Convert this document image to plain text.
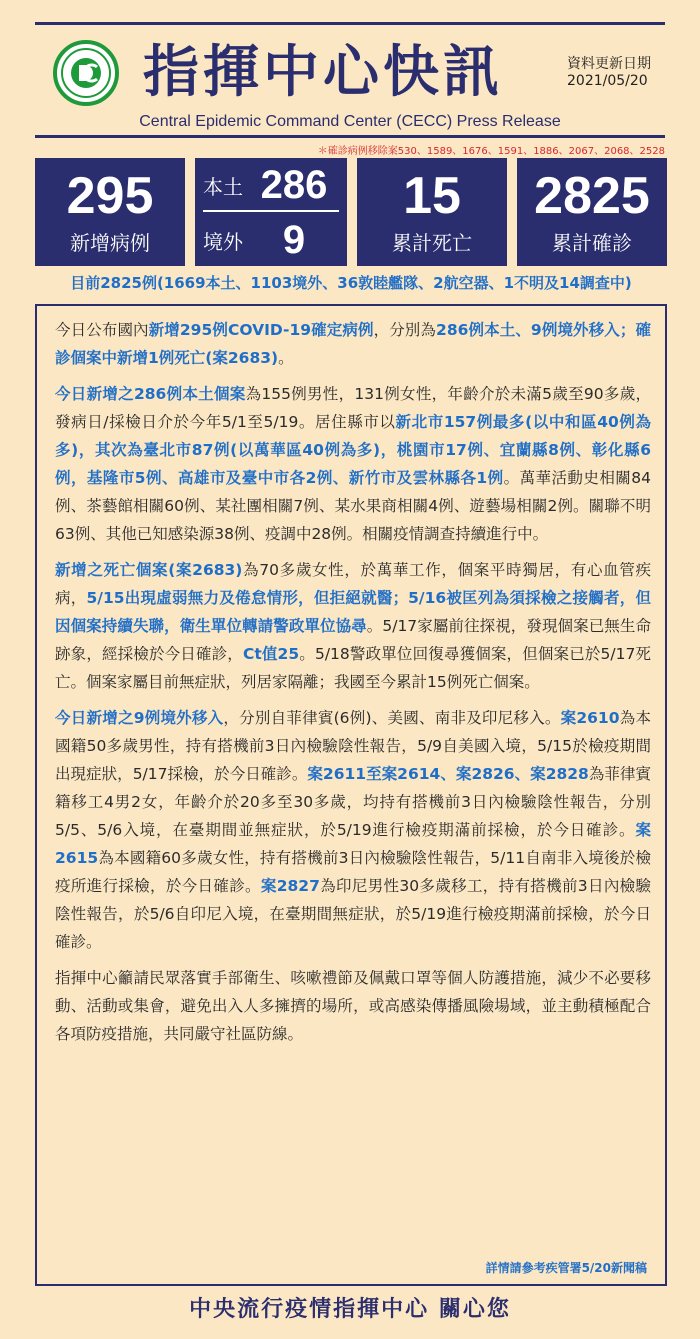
指揮中心快訊	資料更新日期
2021/05/20
Central Epidemic Command Center (CECC) Press Release
＊確診病例移除案530、1589、1676、1591、1886、2067、2068、2528
295
新增病例
本土 286
境外 9
15
累計死亡
2825
累計確診
目前2825例(1669本土、1103境外、36敦睦艦隊、2航空器、1不明及14調查中)

今日公布國內新增295例COVID-19確定病例，分別為286例本土、9例境外移入；確診個案中新增1例死亡(案2683)。

今日新增之286例本土個案為155例男性，131例女性，年齡介於未滿5歲至90多歲，發病日/採檢日介於今年5/1至5/19。居住縣市以新北市157例最多(以中和區40例為多)，其次為臺北市87例(以萬華區40例為多)，桃園市17例、宜蘭縣8例、彰化縣6例，基隆市5例、高雄市及臺中市各2例、新竹市及雲林縣各1例。萬華活動史相關84例、茶藝館相關60例、某社團相關7例、某水果商相關4例、遊藝場相關2例。關聯不明63例、其他已知感染源38例、疫調中28例。相關疫情調查持續進行中。

新增之死亡個案(案2683)為70多歲女性，於萬華工作，個案平時獨居，有心血管疾病，5/15出現虛弱無力及倦怠情形，但拒絕就醫；5/16被匡列為須採檢之接觸者，但因個案持續失聯，衛生單位轉請警政單位協尋。5/17家屬前往探視，發現個案已無生命跡象，經採檢於今日確診，Ct值25。5/18警政單位回復尋獲個案，但個案已於5/17死亡。個案家屬目前無症狀，列居家隔離；我國至今累計15例死亡個案。

今日新增之9例境外移入，分別自菲律賓(6例)、美國、南非及印尼移入。案2610為本國籍50多歲男性，持有搭機前3日內檢驗陰性報告，5/9自美國入境，5/15於檢疫期間出現症狀，5/17採檢，於今日確診。案2611至案2614、案2826、案2828為菲律賓籍移工4男2女，年齡介於20多至30多歲，均持有搭機前3日內檢驗陰性報告，分別5/5、5/6入境，在臺期間並無症狀，於5/19進行檢疫期滿前採檢，於今日確診。案2615為本國籍60多歲女性，持有搭機前3日內檢驗陰性報告，5/11自南非入境後於檢疫所進行採檢，於今日確診。案2827為印尼男性30多歲移工，持有搭機前3日內檢驗陰性報告，於5/6自印尼入境，在臺期間無症狀，於5/19進行檢疫期滿前採檢，於今日確診。

指揮中心籲請民眾落實手部衛生、咳嗽禮節及佩戴口罩等個人防護措施，減少不必要移動、活動或集會，避免出入人多擁擠的場所，或高感染傳播風險場域，並主動積極配合各項防疫措施，共同嚴守社區防線。

詳情請參考疾管署5/20新聞稿
中央流行疫情指揮中心 關心您
